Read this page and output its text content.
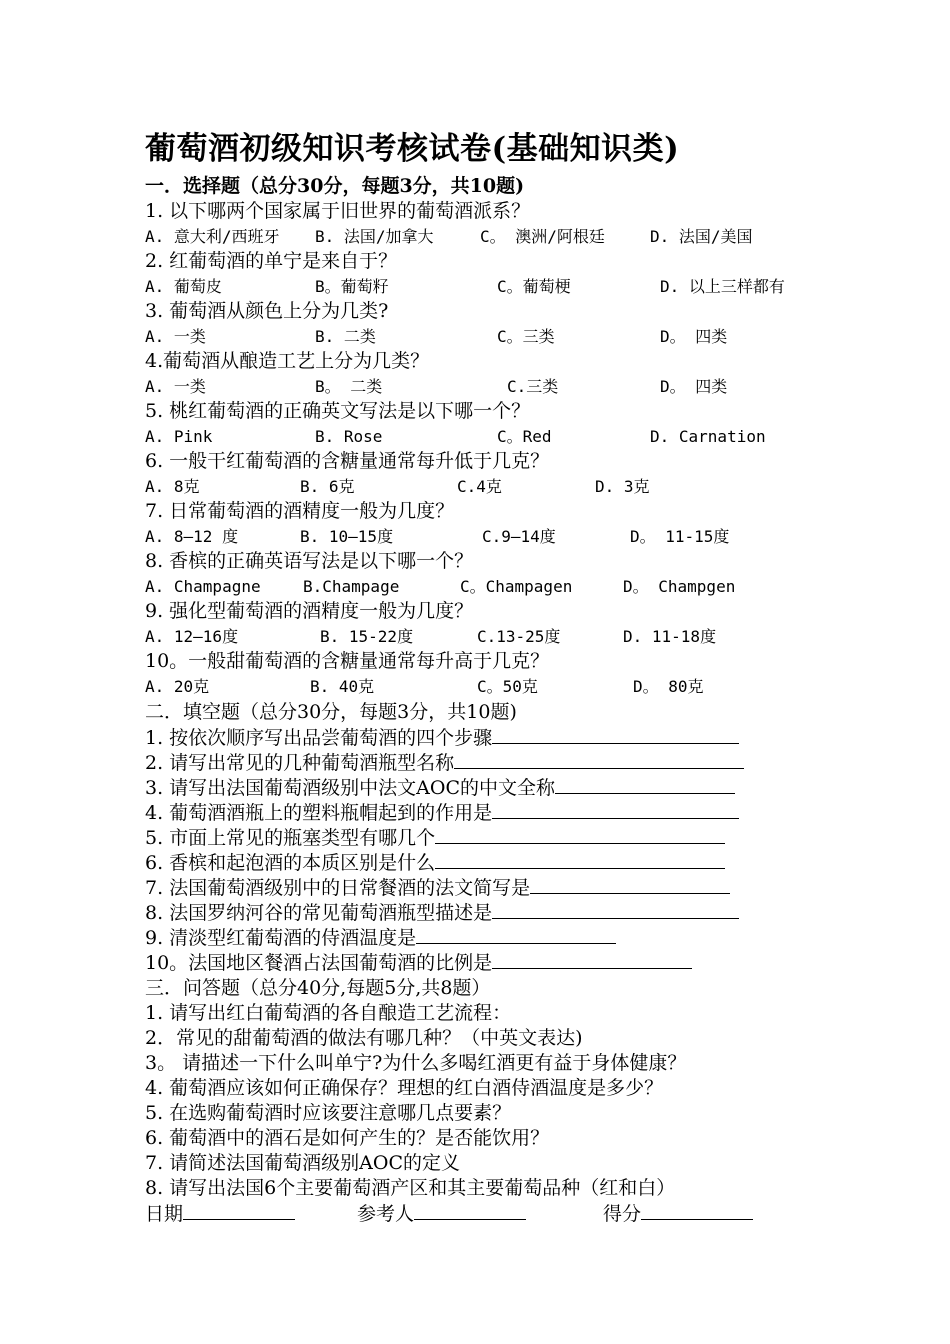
葡萄酒初级知识考核试卷(基础知识类)
一．选择题（总分30分，每题3分，共10题)
1. 以下哪两个国家属于旧世界的葡萄酒派系？
A. 意大利/西班牙 B. 法国/加拿大	C。 澳洲/阿根廷	D. 法国/美国
2. 红葡萄酒的单宁是来自于？
A. 葡萄皮	B。葡萄籽	C。葡萄梗	D. 以上三样都有
3. 葡萄酒从颜色上分为几类?
A. 一类	B. 二类	C。三类	D。 四类
4.葡萄酒从酿造工艺上分为几类？
A. 一类	B。 二类	C.三类	D。 四类
5. 桃红葡萄酒的正确英文写法是以下哪一个？
A. Pink	B. Rose	C。Red	D. Carnation
6. 一般干红葡萄酒的含糖量通常每升低于几克？
A. 8克	B. 6克	C.4克	D. 3克
7. 日常葡萄酒的酒精度一般为几度？
A. 8—12 度	B. 10—15度	C.9—14度	D。 11-15度
8. 香槟的正确英语写法是以下哪一个？
A. Champagne	B.Champage	C。Champagen	D。 Champgen
9. 强化型葡萄酒的酒精度一般为几度？
A. 12—16度	B. 15-22度	C.13-25度	D. 11-18度
10。一般甜葡萄酒的含糖量通常每升高于几克？
A. 20克	B. 40克	C。50克	D。 80克
二．填空题（总分30分，每题3分，共10题)
1. 按依次顺序写出品尝葡萄酒的四个步骤
2. 请写出常见的几种葡萄酒瓶型名称
3. 请写出法国葡萄酒级别中法文AOC的中文全称
4. 葡萄酒酒瓶上的塑料瓶帽起到的作用是
5. 市面上常见的瓶塞类型有哪几个
6. 香槟和起泡酒的本质区别是什么
7. 法国葡萄酒级别中的日常餐酒的法文简写是
8. 法国罗纳河谷的常见葡萄酒瓶型描述是
9. 清淡型红葡萄酒的侍酒温度是
10。法国地区餐酒占法国葡萄酒的比例是
三．问答题（总分40分,每题5分,共8题）
1. 请写出红白葡萄酒的各自酿造工艺流程：
2．常见的甜葡萄酒的做法有哪几种？（中英文表达)
3。 请描述一下什么叫单宁?为什么多喝红酒更有益于身体健康？
4. 葡萄酒应该如何正确保存？理想的红白酒侍酒温度是多少？
5. 在选购葡萄酒时应该要注意哪几点要素？
6. 葡萄酒中的酒石是如何产生的？是否能饮用？
7. 请简述法国葡萄酒级别AOC的定义
8. 请写出法国6个主要葡萄酒产区和其主要葡萄品种（红和白）
日期	参考人	得分
